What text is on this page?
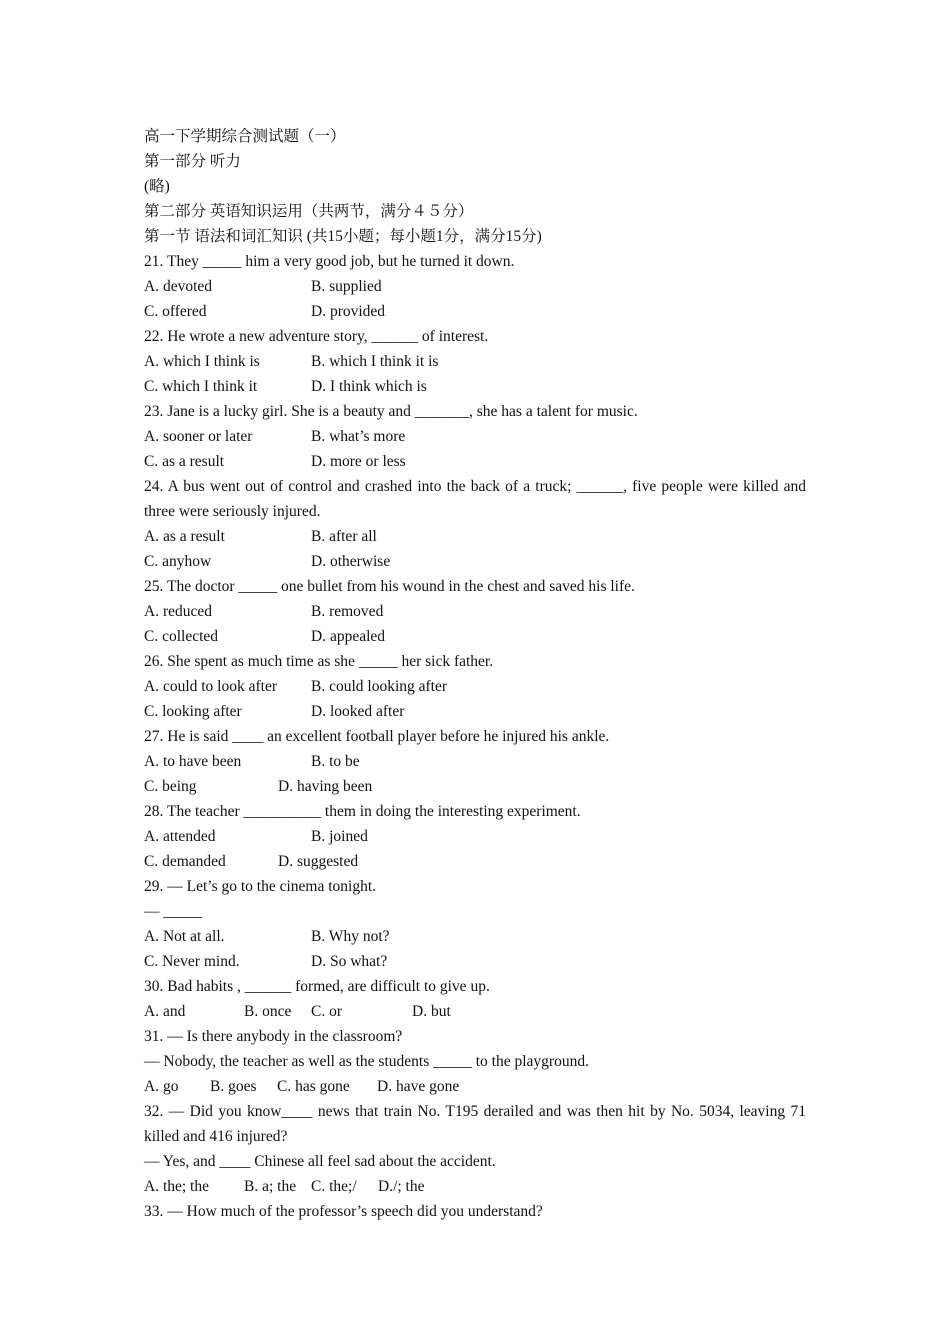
高一下学期综合测试题（一）
第一部分 听力
(略)
第二部分 英语知识运用（共两节，满分４５分）
第一节 语法和词汇知识 (共15小题；每小题1分，满分15分)
21. They _____ him a very good job, but he turned it down.
A. devoted	B. supplied
C. offered	D. provided
22. He wrote a new adventure story, ______ of interest.
A. which I think is	B. which I think it is
C. which I think it	D. I think which is
23. Jane is a lucky girl. She is a beauty and _______, she has a talent for music.
A. sooner or later	B. what’s more
C. as a result	D. more or less
24. A bus went out of control and crashed into the back of a truck; ______, five people were killed and three were seriously injured.
A. as a result	B. after all
C. anyhow	D. otherwise
25. The doctor _____ one bullet from his wound in the chest and saved his life.
A. reduced	B. removed
C. collected	D. appealed
26. She spent as much time as she _____ her sick father.
A. could to look after B. could looking after
C. looking after	D. looked after
27. He is said ____ an excellent football player before he injured his ankle.
A. to have been	B. to be
C. being	D. having been
28. The teacher __________ them in doing the interesting experiment.
A. attended	B. joined
C. demanded	D. suggested
29. — Let’s go to the cinema tonight.
— _____
A. Not at all.	B. Why not?
C. Never mind.	D. So what?
30. Bad habits , ______ formed, are difficult to give up.
A. and	B. once C. or	D. but
31. — Is there anybody in the classroom?
— Nobody, the teacher as well as the students _____ to the playground.
A. go B. goes C. has gone D. have gone
32. — Did you know____ news that train No. T195 derailed and was then hit by No. 5034, leaving 71 killed and 416 injured?
— Yes, and ____ Chinese all feel sad about the accident.
A. the; the B. a; the C. the;/ D./; the
33. — How much of the professor’s speech did you understand?
